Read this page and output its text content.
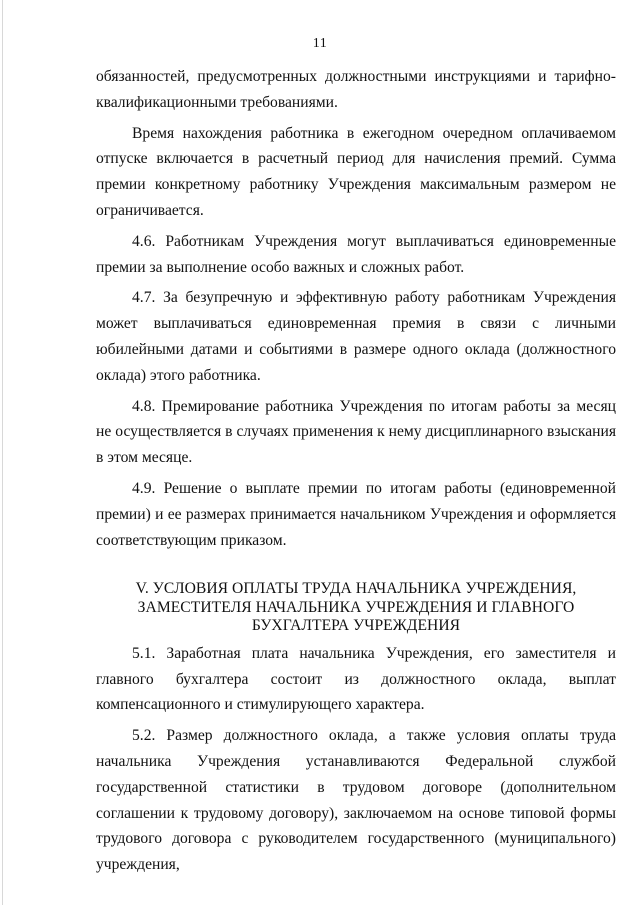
11

обязанностей, предусмотренных должностными инструкциями и тарифно-квалификационными требованиями.

Время нахождения работника в ежегодном очередном оплачиваемом отпуске включается в расчетный период для начисления премий. Сумма премии конкретному работнику Учреждения максимальным размером не ограничивается.

4.6. Работникам Учреждения могут выплачиваться единовременные премии за выполнение особо важных и сложных работ.

4.7. За безупречную и эффективную работу работникам Учреждения может выплачиваться единовременная премия в связи с личными юбилейными датами и событиями в размере одного оклада (должностного оклада) этого работника.

4.8. Премирование работника Учреждения по итогам работы за месяц не осуществляется в случаях применения к нему дисциплинарного взыскания в этом месяце.

4.9. Решение о выплате премии по итогам работы (единовременной премии) и ее размерах принимается начальником Учреждения и оформляется соответствующим приказом.

V. УСЛОВИЯ ОПЛАТЫ ТРУДА НАЧАЛЬНИКА УЧРЕЖДЕНИЯ,
ЗАМЕСТИТЕЛЯ НАЧАЛЬНИКА УЧРЕЖДЕНИЯ И ГЛАВНОГО
БУХГАЛТЕРА УЧРЕЖДЕНИЯ

5.1. Заработная плата начальника Учреждения, его заместителя и главного бухгалтера состоит из должностного оклада, выплат компенсационного и стимулирующего характера.

5.2. Размер должностного оклада, а также условия оплаты труда начальника Учреждения устанавливаются Федеральной службой государственной статистики в трудовом договоре (дополнительном соглашении к трудовому договору), заключаемом на основе типовой формы трудового договора с руководителем государственного (муниципального) учреждения,
